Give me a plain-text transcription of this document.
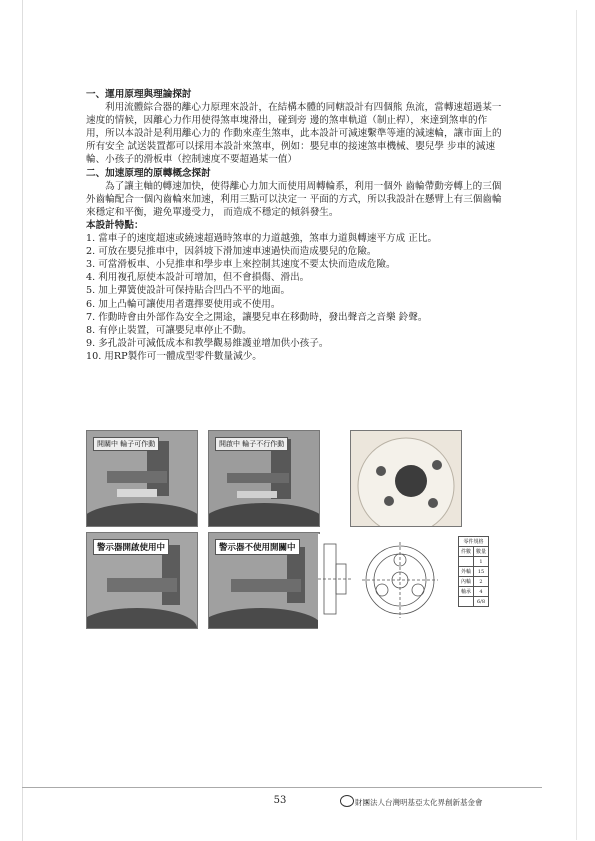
一、運用原理與理論探討

利用流體綜合器的離心力原理來設計，在結構本體的同轄設計有四個熊 魚流，當轉速超過某一速度的情候，因離心力作用使得煞車塊滑出，碰到旁 邊的煞車軌道（制止桿），來達到煞車的作用，所以本設計是利用離心力的 作動來產生煞車，此本設計可減速繫準等連的減速輪，讓市面上的所有安全 試送裝置都可以採用本設計來煞車，例如：嬰兒車的接速煞車機械、嬰兒學 步車的減速輪、小孩子的滑板車（控制速度不要超過某一值）

二、加速原理的原轉概念探討

為了讓主軸的轉速加快，使得離心力加大而使用周轉輪系，利用一個外 齒輪帶動旁轉上的三個外齒輪配合一個內齒輪來加速，利用三點可以決定一 平面的方式，所以我設計在懸臂上有三個齒輪來穩定和平衡，避免單邊受力， 而造成不穩定的傾斜發生。

本設計特點：

1. 當車子的速度超速或繞速超過時煞車的力道越強，煞車力道與轉速平方成 正比。

2. 可放在嬰兒推車中，因斜坡下滑加速車速過快而造成嬰兒的危險。

3. 可當滑板車、小兒推車和學步車上來控制其速度不要太快而造成危險。

4. 利用複孔原使本設計可增加，但不會損傷、滑出。

5. 加上彈簧使設計可保持貼合凹凸不平的地面。

6. 加上凸輪可讓使用者選擇要使用或不使用。

7. 作動時會由外部作為安全之開途，讓嬰兒車在移動時，發出聲音之音樂 鈴聲。

8. 有停止裝置，可讓嬰兒車停止不動。

9. 多孔設計可減低成本和教學觀易維護並增加供小孩子。

10. 用RP製作可一體成型零件數量減少。

開關中 輪子可作動	開啟中 輪子不行作動
警示器開啟使用中	警示器不使用開關中
零件規格	
件數	數量
	1
外輪	15
內輪	2
軸承	4
	6/8
53	財團法人台灣明基亞太化界創新基金會
